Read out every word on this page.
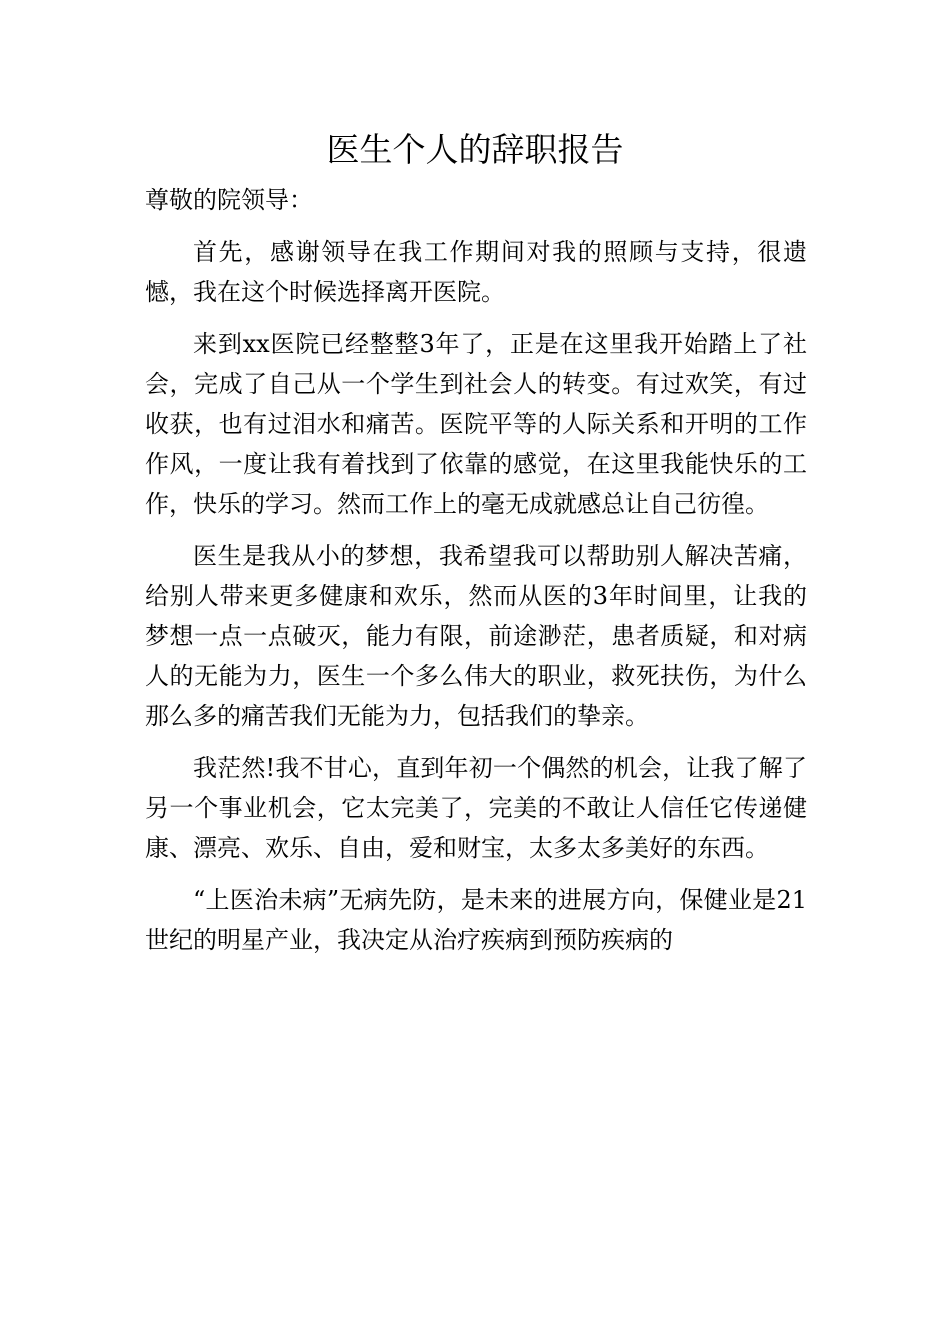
医生个人的辞职报告

尊敬的院领导：

首先，感谢领导在我工作期间对我的照顾与支持，很遗憾，我在这个时候选择离开医院。

来到xx医院已经整整3年了，正是在这里我开始踏上了社会，完成了自己从一个学生到社会人的转变。有过欢笑，有过收获，也有过泪水和痛苦。医院平等的人际关系和开明的工作作风，一度让我有着找到了依靠的感觉，在这里我能快乐的工作，快乐的学习。然而工作上的毫无成就感总让自己彷徨。

医生是我从小的梦想，我希望我可以帮助别人解决苦痛，给别人带来更多健康和欢乐，然而从医的3年时间里，让我的梦想一点一点破灭，能力有限，前途渺茫，患者质疑，和对病人的无能为力，医生一个多么伟大的职业，救死扶伤，为什么那么多的痛苦我们无能为力，包括我们的挚亲。

我茫然!我不甘心，直到年初一个偶然的机会，让我了解了另一个事业机会，它太完美了，完美的不敢让人信任它传递健康、漂亮、欢乐、自由，爱和财宝，太多太多美好的东西。

“上医治未病”无病先防，是未来的进展方向，保健业是21世纪的明星产业，我决定从治疗疾病到预防疾病的
